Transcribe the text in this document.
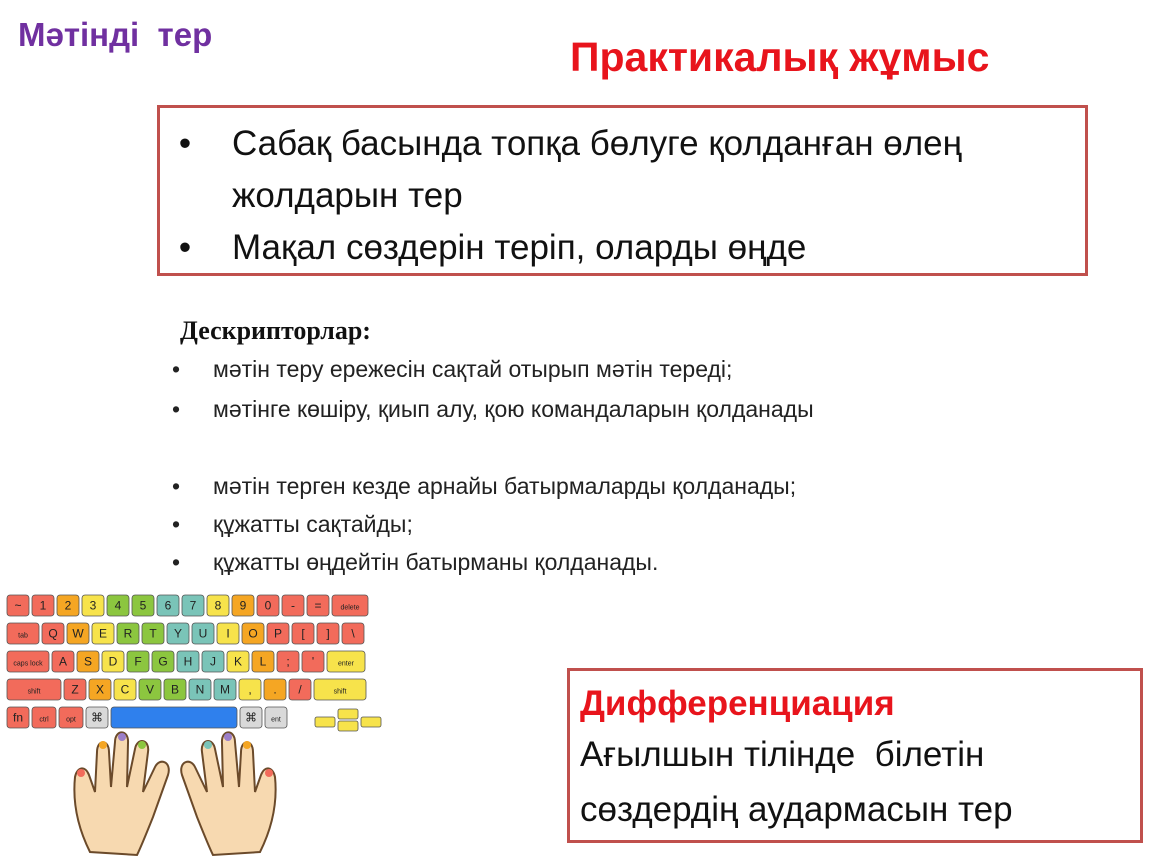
Мәтінді  тер	Практикалық жұмыс
• Сабақ басында топқа бөлуге қолданған өлең жолдарын тер
• Мақал сөздерін теріп, оларды өңде
Дескрипторлар:
• мәтін теру ережесін сақтай отырып мәтін тереді;
• мәтінге көшіру, қиып алу, қою командаларын қолданады
• мәтін терген кезде арнайы батырмаларды қолданады;
• құжатты сақтайды;
• құжатты өңдейтін батырманы қолданады.
~ 1 2 3 4 5 6 7 8 9 0 - =	delete
tab Q W E R T Y U I O P [ ] \
caps lock A S D F G H J K L ; '	enter
shift	Z X C V B N M , . /	shift
fn ctrl opt ⌘	⌘ ent	Дифференциация
Ағылшын тілінде  білетін сөздердің аудармасын тер
